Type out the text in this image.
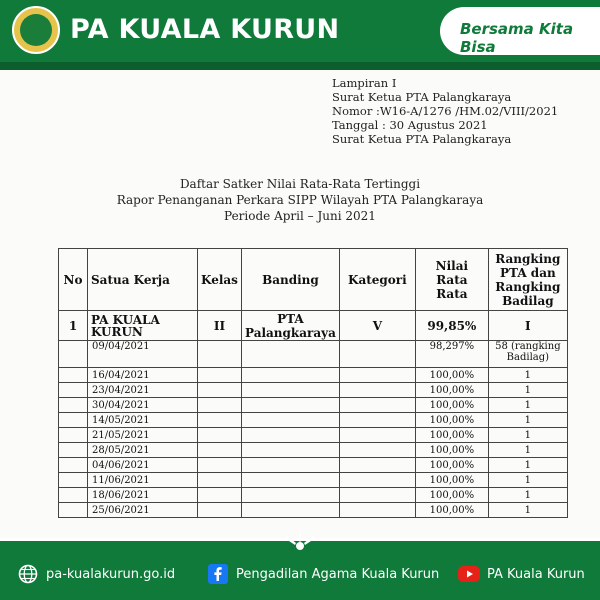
PA KUALA KURUN	Bersama Kita Bisa
Lampiran I
Surat Ketua PTA Palangkaraya
Nomor :W16-A/1276 /HM.02/VIII/2021
Tanggal : 30 Agustus 2021
Surat Ketua PTA Palangkaraya
Daftar Satker Nilai Rata-Rata Tertinggi
Rapor Penanganan Perkara SIPP Wilayah PTA Palangkaraya
Periode April – Juni 2021
No	Satua Kerja	Kelas	Banding	Kategori	Nilai Rata Rata	Rangking PTA dan Rangking Badilag
1	PA KUALA KURUN	II	PTA Palangkaraya	V	99,85%	I
	09/04/2021				98,297%	58 (rangking Badilag)
	16/04/2021				100,00%	1
	23/04/2021				100,00%	1
	30/04/2021				100,00%	1
	14/05/2021				100,00%	1
	21/05/2021				100,00%	1
	28/05/2021				100,00%	1
	04/06/2021				100,00%	1
	11/06/2021				100,00%	1
	18/06/2021				100,00%	1
	25/06/2021				100,00%	1
pa-kualakurun.go.id	Pengadilan Agama Kuala Kurun	PA Kuala Kurun
